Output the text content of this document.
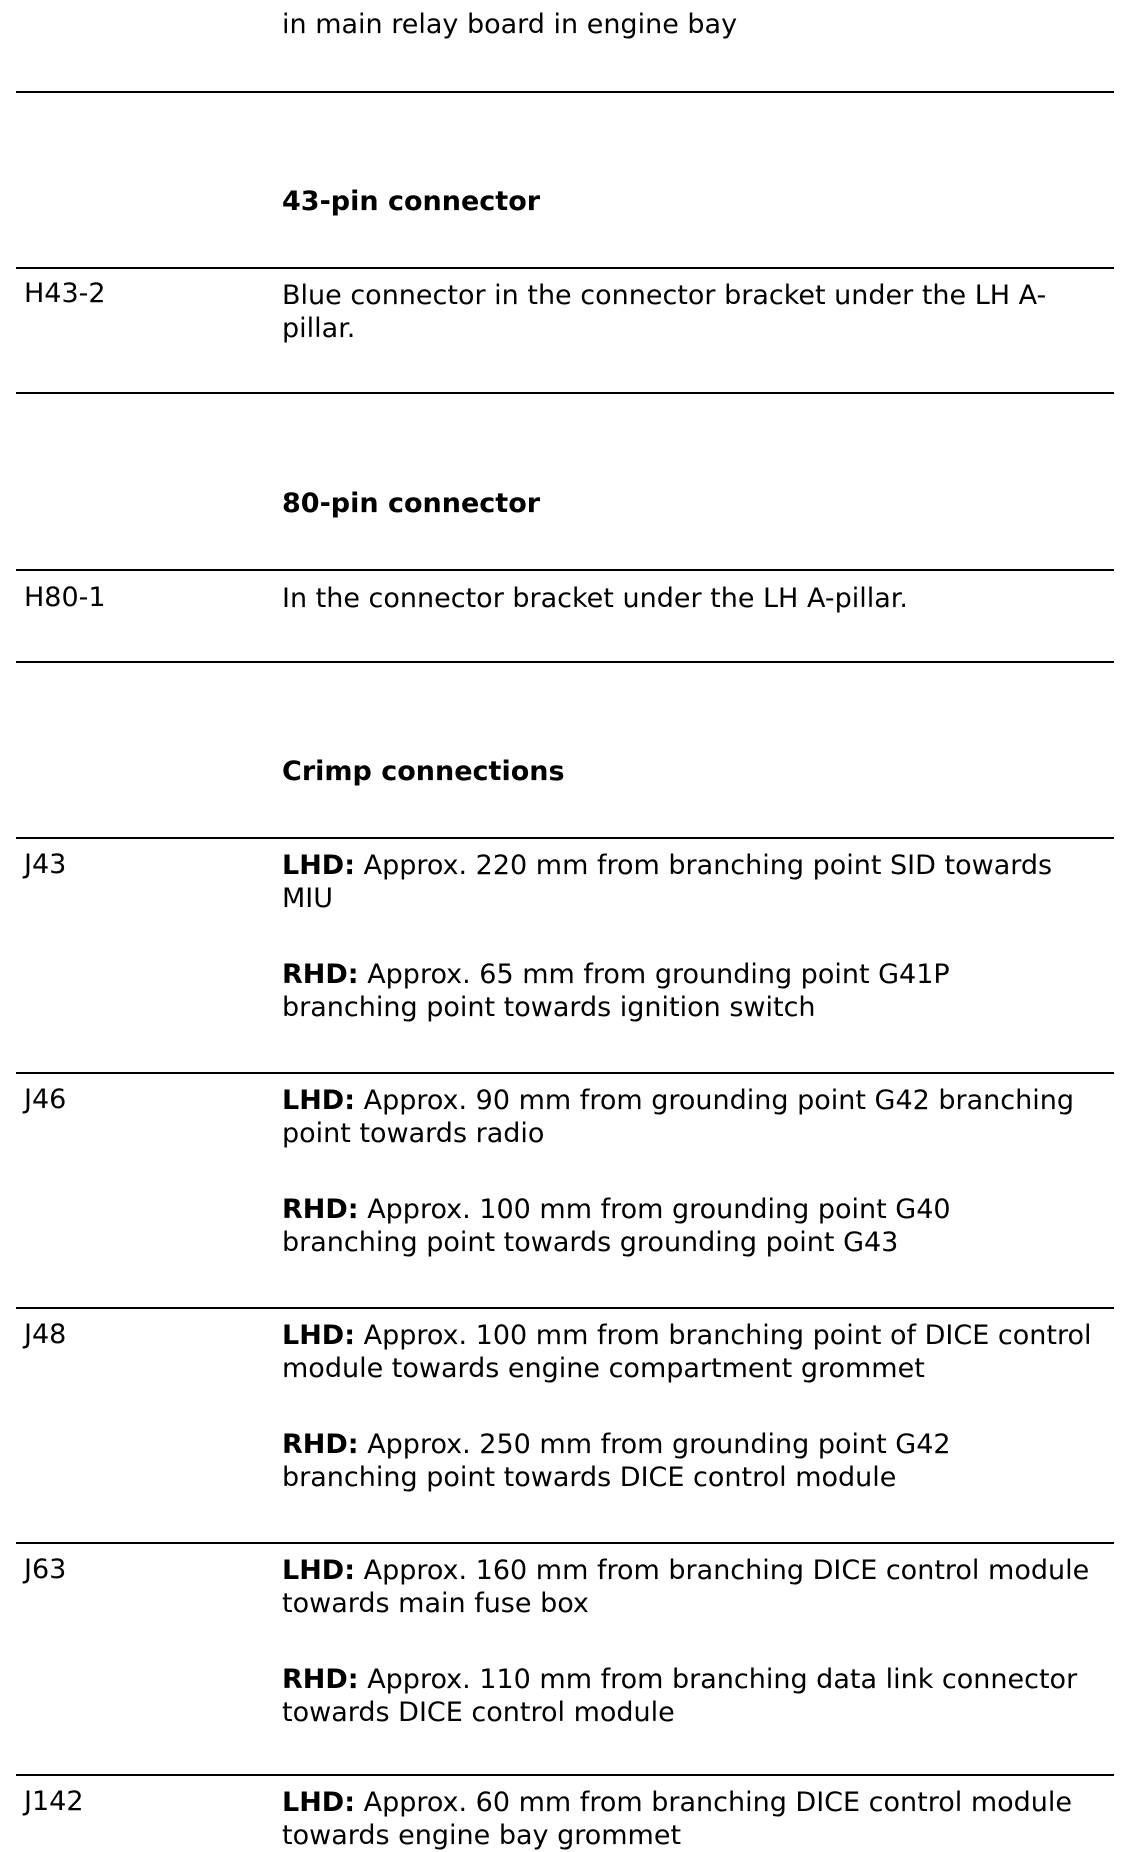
in main relay board in engine bay
43-pin connector
H43-2	Blue connector in the connector bracket under the LH A-pillar.
80-pin connector
H80-1	In the connector bracket under the LH A-pillar.
Crimp connections
J43	LHD: Approx. 220 mm from branching point SID towards MIU
RHD: Approx. 65 mm from grounding point G41P branching point towards ignition switch
J46	LHD: Approx. 90 mm from grounding point G42 branching point towards radio
RHD: Approx. 100 mm from grounding point G40 branching point towards grounding point G43
J48	LHD: Approx. 100 mm from branching point of DICE control module towards engine compartment grommet
RHD: Approx. 250 mm from grounding point G42 branching point towards DICE control module
J63	LHD: Approx. 160 mm from branching DICE control module towards main fuse box
RHD: Approx. 110 mm from branching data link connector towards DICE control module
J142	LHD: Approx. 60 mm from branching DICE control module towards engine bay grommet
